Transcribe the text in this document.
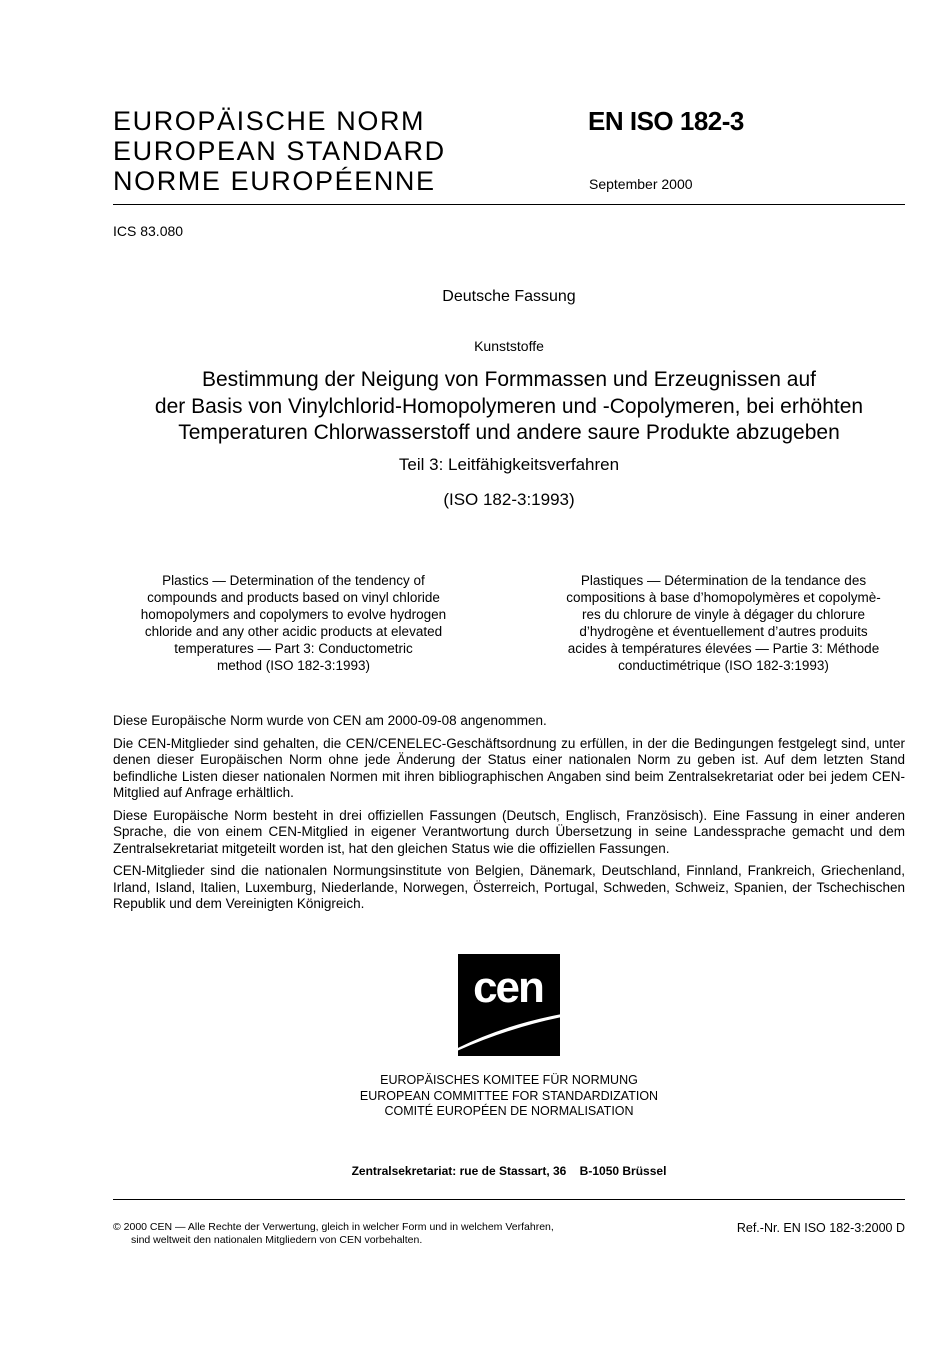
EUROPÄISCHE NORM
EUROPEAN STANDARD
NORME EUROPÉENNE
EN ISO 182-3
September 2000
ICS 83.080
Deutsche Fassung
Kunststoffe
Bestimmung der Neigung von Formmassen und Erzeugnissen auf
der Basis von Vinylchlorid-Homopolymeren und -Copolymeren, bei erhöhten
Temperaturen Chlorwasserstoff und andere saure Produkte abzugeben
Teil 3: Leitfähigkeitsverfahren
(ISO 182-3:1993)
Plastics — Determination of the tendency of
compounds and products based on vinyl chloride
homopolymers and copolymers to evolve hydrogen
chloride and any other acidic products at elevated
temperatures — Part 3: Conductometric
method (ISO 182-3:1993)
Plastiques — Détermination de la tendance des
compositions à base d’homopolymères et copolymè-
res du chlorure de vinyle à dégager du chlorure
d’hydrogène et éventuellement d’autres produits
acides à températures élevées — Partie 3: Méthode
conductimétrique (ISO 182-3:1993)

Diese Europäische Norm wurde von CEN am 2000-09-08 angenommen.

Die CEN-Mitglieder sind gehalten, die CEN/CENELEC-Geschäftsordnung zu erfüllen, in der die Bedingungen festgelegt sind, unter denen dieser Europäischen Norm ohne jede Änderung der Status einer nationalen Norm zu geben ist. Auf dem letzten Stand befindliche Listen dieser nationalen Normen mit ihren bibliographischen Angaben sind beim Zentralsekretariat oder bei jedem CEN-Mitglied auf Anfrage erhältlich.

Diese Europäische Norm besteht in drei offiziellen Fassungen (Deutsch, Englisch, Französisch). Eine Fassung in einer anderen Sprache, die von einem CEN-Mitglied in eigener Verantwortung durch Übersetzung in seine Landessprache gemacht und dem Zentralsekretariat mitgeteilt worden ist, hat den gleichen Status wie die offiziellen Fassungen.

CEN-Mitglieder sind die nationalen Normungsinstitute von Belgien, Dänemark, Deutschland, Finnland, Frankreich, Griechenland, Irland, Island, Italien, Luxemburg, Niederlande, Norwegen, Österreich, Portugal, Schweden, Schweiz, Spanien, der Tschechischen Republik und dem Vereinigten Königreich.

cen
EUROPÄISCHES KOMITEE FÜR NORMUNG
EUROPEAN COMMITTEE FOR STANDARDIZATION
COMITÉ EUROPÉEN DE NORMALISATION
Zentralsekretariat: rue de Stassart, 36    B-1050 Brüssel
© 2000 CEN — Alle Rechte der Verwertung, gleich in welcher Form und in welchem Verfahren,
sind weltweit den nationalen Mitgliedern von CEN vorbehalten.
Ref.-Nr. EN ISO 182-3:2000 D
